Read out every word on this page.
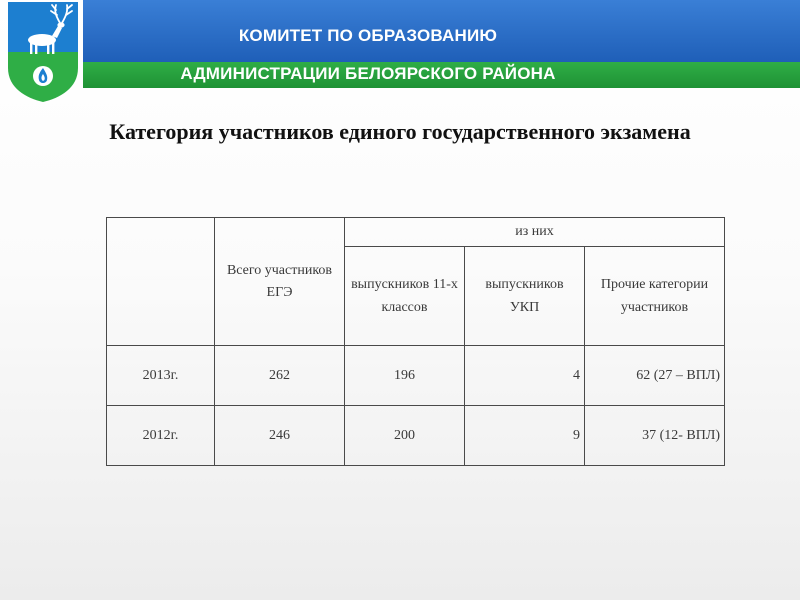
КОМИТЕТ ПО ОБРАЗОВАНИЮ
АДМИНИСТРАЦИИ БЕЛОЯРСКОГО РАЙОНА
Категория участников единого государственного экзамена
	Всего участников ЕГЭ	из них		
		выпускников 11-х классов	выпускников УКП	Прочие категории участников
2013г.	262	196	4	62 (27 – ВПЛ)
2012г.	246	200	9	37 (12- ВПЛ)
